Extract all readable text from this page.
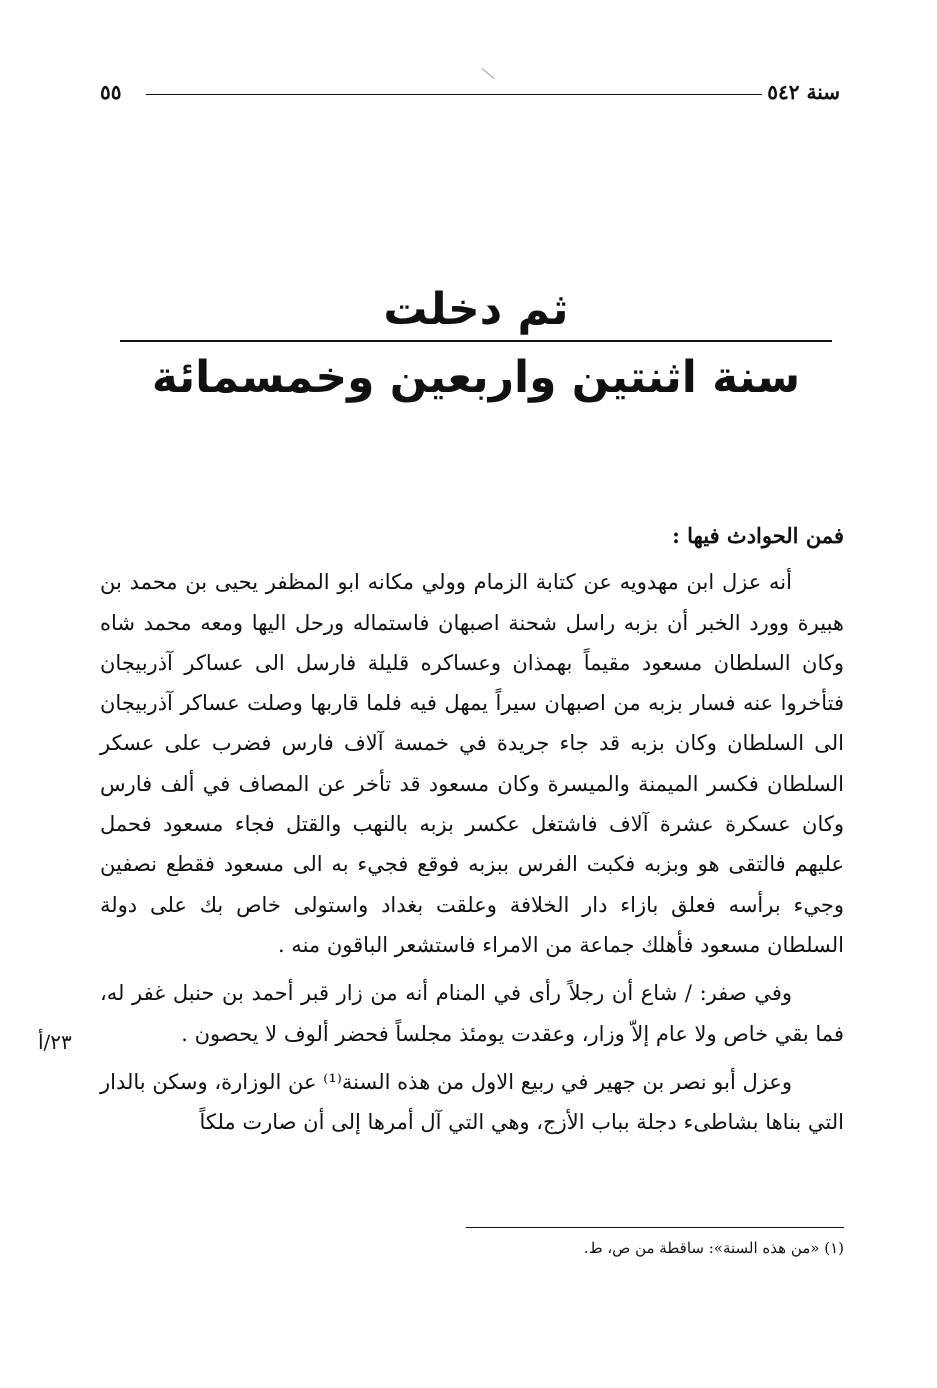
سنة ٥٤٢
٥٥
ثم دخلت
سنة اثنتين واربعين وخمسمائة

فمن الحوادث فيها :

أنه عزل ابن مهدويه عن كتابة الزمام وولي مكانه ابو المظفر يحيى بن محمد بن هبيرة وورد الخبر أن بزبه راسل شحنة اصبهان فاستماله ورحل اليها ومعه محمد شاه وكان السلطان مسعود مقيماً بهمذان وعساكره قليلة فارسل الى عساكر آذربيجان فتأخروا عنه فسار بزبه من اصبهان سيراً يمهل فيه فلما قاربها وصلت عساكر آذربيجان الى السلطان وكان بزبه قد جاء جريدة في خمسة آلاف فارس فضرب على عسكر السلطان فكسر الميمنة والميسرة وكان مسعود قد تأخر عن المصاف في ألف فارس وكان عسكرة عشرة آلاف فاشتغل عكسر بزبه بالنهب والقتل فجاء مسعود فحمل عليهم فالتقى هو وبزبه فكبت الفرس ببزبه فوقع فجيء به الى مسعود فقطع نصفين وجيء برأسه فعلق بازاء دار الخلافة وعلقت بغداد واستولى خاص بك على دولة السلطان مسعود فأهلك جماعة من الامراء فاستشعر الباقون منه .

وفي صفر: / شاع أن رجلاً رأى في المنام أنه من زار قبر أحمد بن حنبل غفر له، فما بقي خاص ولا عام إلاّ وزار، وعقدت يومئذ مجلساً فحضر ألوف لا يحصون .

وعزل أبو نصر بن جهير في ربيع الاول من هذه السنة⁽¹⁾ عن الوزارة، وسكن بالدار التي بناها بشاطىء دجلة بباب الأزج، وهي التي آل أمرها إلى أن صارت ملكاً

٢٣/أ
(١) «من هذه السنة»: ساقطة من ص، ط.
